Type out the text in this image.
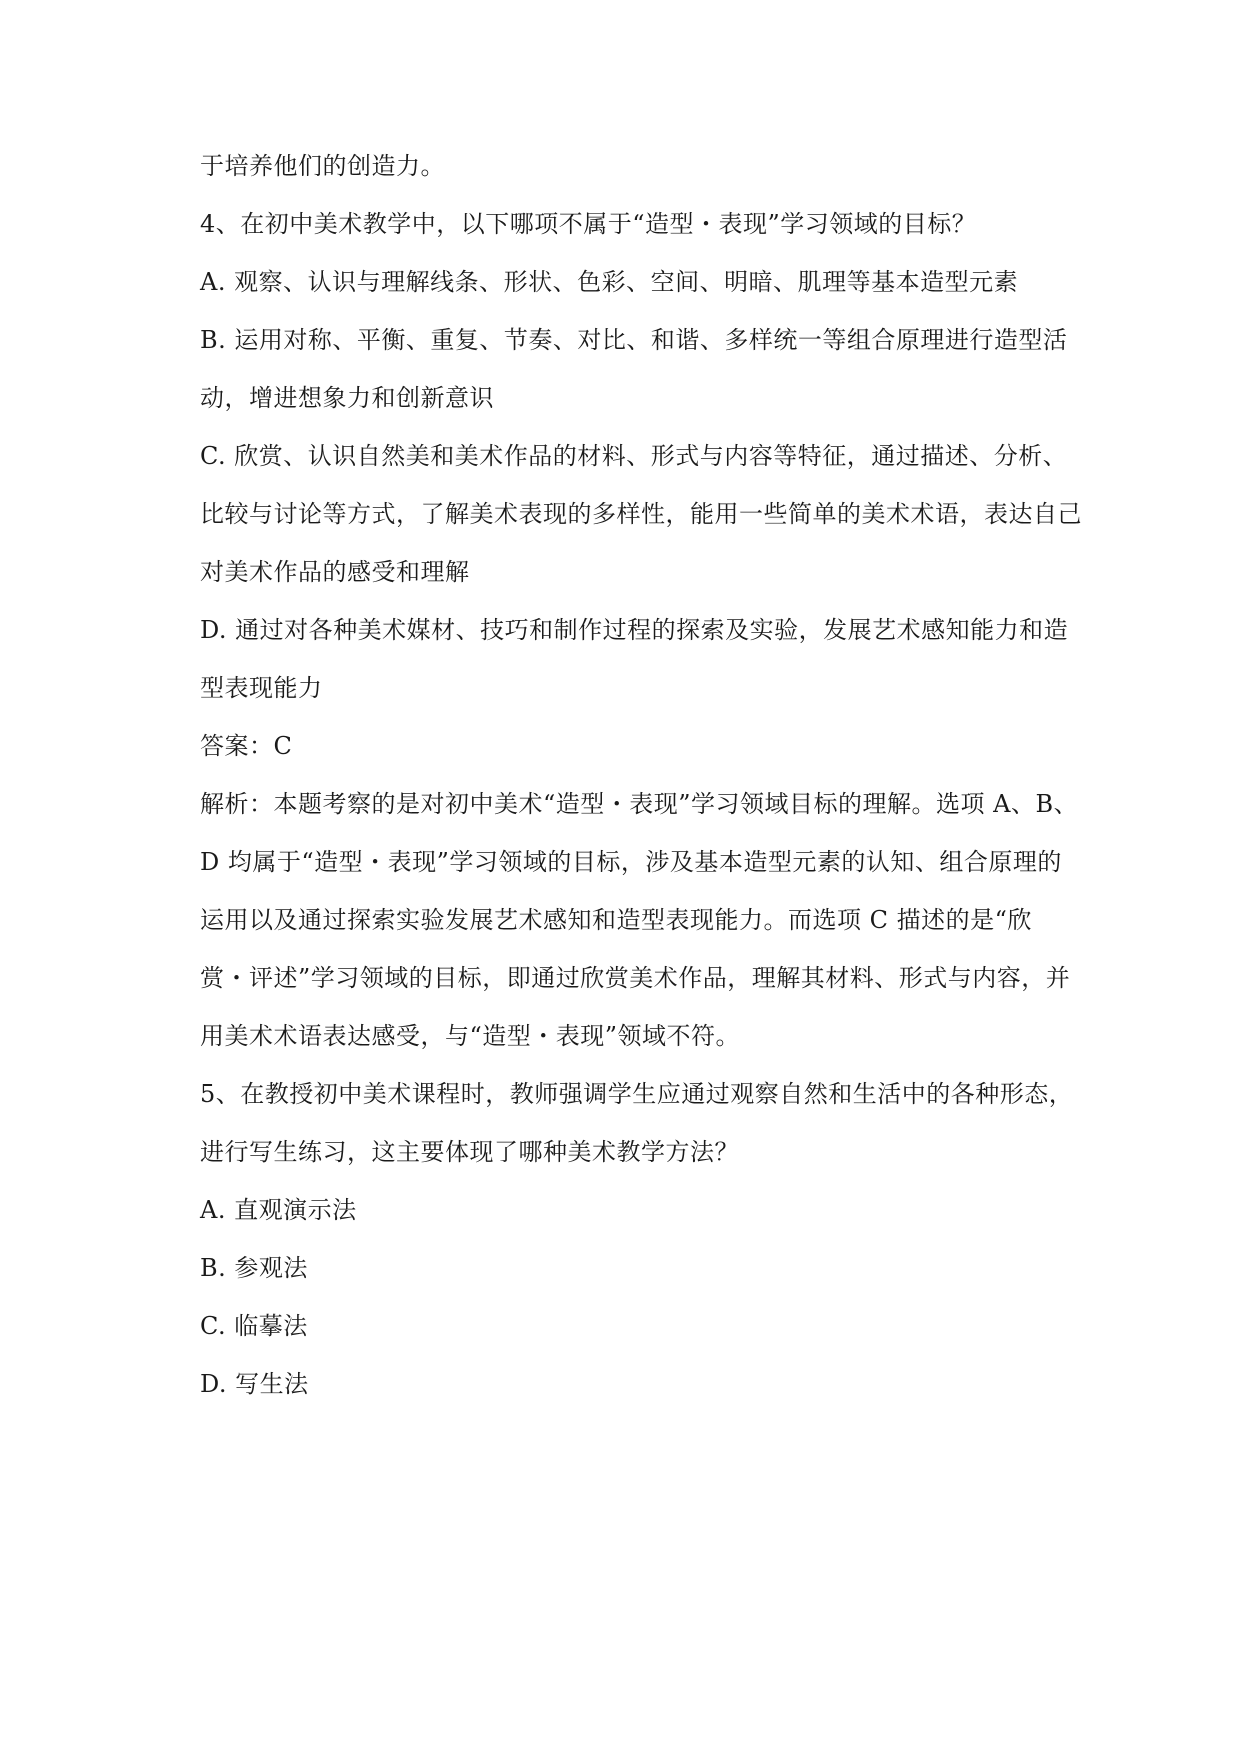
于培养他们的创造力。
4、在初中美术教学中，以下哪项不属于“造型・表现”学习领域的目标？
A. 观察、认识与理解线条、形状、色彩、空间、明暗、肌理等基本造型元素
B. 运用对称、平衡、重复、节奏、对比、和谐、多样统一等组合原理进行造型活
动，增进想象力和创新意识
C. 欣赏、认识自然美和美术作品的材料、形式与内容等特征，通过描述、分析、
比较与讨论等方式，了解美术表现的多样性，能用一些简单的美术术语，表达自己
对美术作品的感受和理解
D. 通过对各种美术媒材、技巧和制作过程的探索及实验，发展艺术感知能力和造
型表现能力
答案：C
解析：本题考察的是对初中美术“造型・表现”学习领域目标的理解。选项 A、B、
D 均属于“造型・表现”学习领域的目标，涉及基本造型元素的认知、组合原理的
运用以及通过探索实验发展艺术感知和造型表现能力。而选项 C 描述的是“欣
赏・评述”学习领域的目标，即通过欣赏美术作品，理解其材料、形式与内容，并
用美术术语表达感受，与“造型・表现”领域不符。
5、在教授初中美术课程时，教师强调学生应通过观察自然和生活中的各种形态，
进行写生练习，这主要体现了哪种美术教学方法？
A. 直观演示法
B. 参观法
C. 临摹法
D. 写生法
